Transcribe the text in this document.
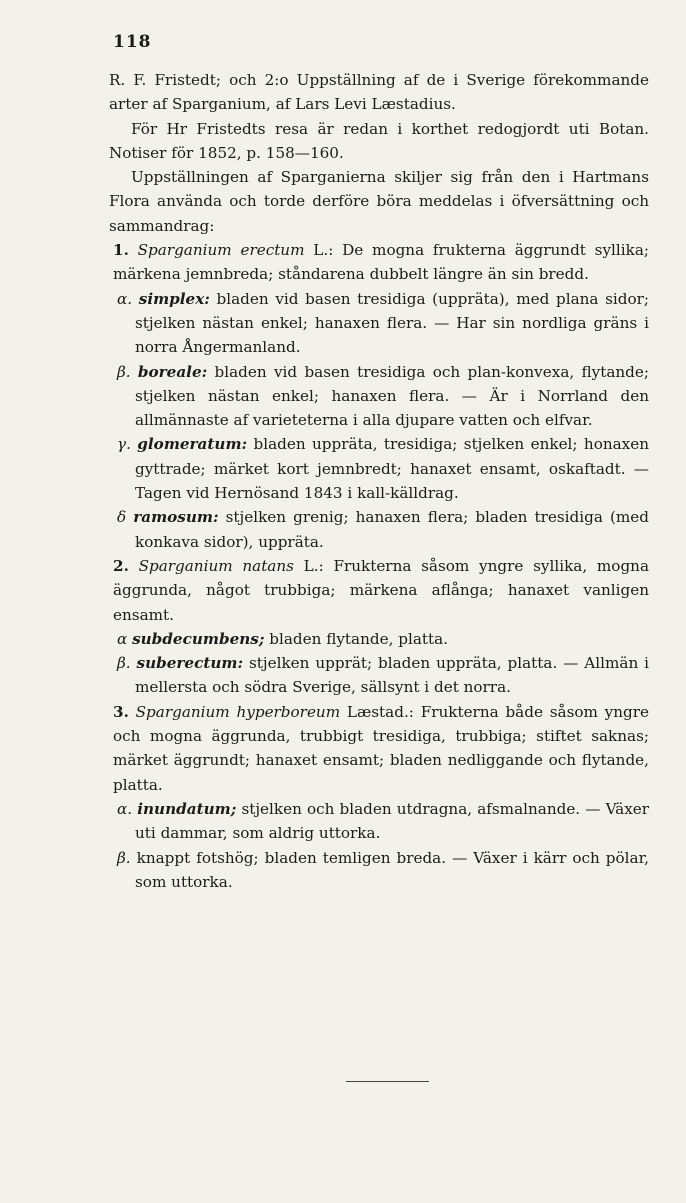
118

R. F. Fristedt; och 2:o Uppställning af de i Sverige förekommande arter af Sparganium, af Lars Levi Læstadius.

För Hr Fristedts resa är redan i korthet redogjordt uti Botan. Notiser för 1852, p. 158—160.

Uppställningen af Sparganierna skiljer sig från den i Hartmans Flora använda och torde derföre böra meddelas i öfversättning och sammandrag:

1. Sparganium erectum L.: De mogna frukterna äggrundt syllika; märkena jemnbreda; ståndarena dubbelt längre än sin bredd.

α. simplex: bladen vid basen tresidiga (uppräta), med plana sidor; stjelken nästan enkel; hanaxen flera. — Har sin nordliga gräns i norra Ångermanland.

β. boreale: bladen vid basen tresidiga och plan-konvexa, flytande; stjelken nästan enkel; hanaxen flera. — Är i Norrland den allmännaste af varieteterna i alla djupare vatten och elfvar.

γ. glomeratum: bladen uppräta, tresidiga; stjelken enkel; honaxen gyttrade; märket kort jemnbredt; hanaxet ensamt, oskaftadt. — Tagen vid Hernösand 1843 i kall-källdrag.

δ ramosum: stjelken grenig; hanaxen flera; bladen tresidiga (med konkava sidor), uppräta.

2. Sparganium natans L.: Frukterna såsom yngre syllika, mogna äggrunda, något trubbiga; märkena aflånga; hanaxet vanligen ensamt.

α subdecumbens; bladen flytande, platta.

β. suberectum: stjelken upprät; bladen uppräta, platta. — Allmän i mellersta och södra Sverige, sällsynt i det norra.

3. Sparganium hyperboreum Læstad.: Frukterna både såsom yngre och mogna äggrunda, trubbigt tresidiga, trubbiga; stiftet saknas; märket äggrundt; hanaxet ensamt; bladen nedliggande och flytande, platta.

α. inundatum; stjelken och bladen utdragna, afsmalnande. — Växer uti dammar, som aldrig uttorka.

β. knappt fotshög; bladen temligen breda. — Växer i kärr och pölar, som uttorka.
